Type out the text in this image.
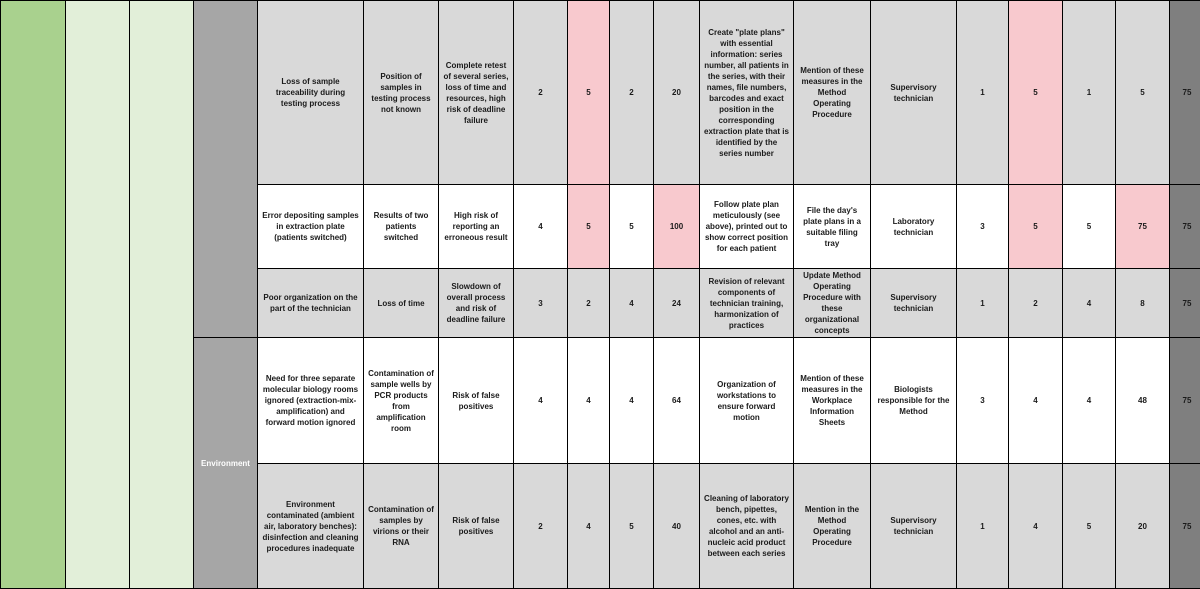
				Loss of sample traceability during testing process	Position of samples in testing process not known	Complete retest of several series, loss of time and resources, high risk of deadline failure	2	5	2	20	Create "plate plans" with essential information: series number, all patients in the series, with their names, file numbers, barcodes and exact position in the corresponding extraction plate that is identified by the series number	Mention of these measures in the Method Operating Procedure	Supervisory technician	1	5	1	5	75
				Error depositing samples in extraction plate (patients switched)	Results of two patients switched	High risk of reporting an erroneous result	4	5	5	100	Follow plate plan meticulously (see above), printed out to show correct position for each patient	File the day's plate plans in a suitable filing tray	Laboratory technician	3	5	5	75	75
				Poor organization on the part of the technician	Loss of time	Slowdown of overall process and risk of deadline failure	3	2	4	24	Revision of relevant components of technician training, harmonization of practices	Update Method Operating Procedure with these organizational concepts	Supervisory technician	1	2	4	8	75
			Environment	Need for three separate molecular biology rooms ignored (extraction-mix-amplification) and forward motion ignored	Contamination of sample wells by PCR products from amplification room	Risk of false positives	4	4	4	64	Organization of workstations to ensure forward motion	Mention of these measures in the Workplace Information Sheets	Biologists responsible for the Method	3	4	4	48	75
				Environment contaminated (ambient air, laboratory benches): disinfection and cleaning procedures inadequate	Contamination of samples by virions or their RNA	Risk of false positives	2	4	5	40	Cleaning of laboratory bench, pipettes, cones, etc. with alcohol and an anti-nucleic acid product between each series	Mention in the Method Operating Procedure	Supervisory technician	1	4	5	20	75
